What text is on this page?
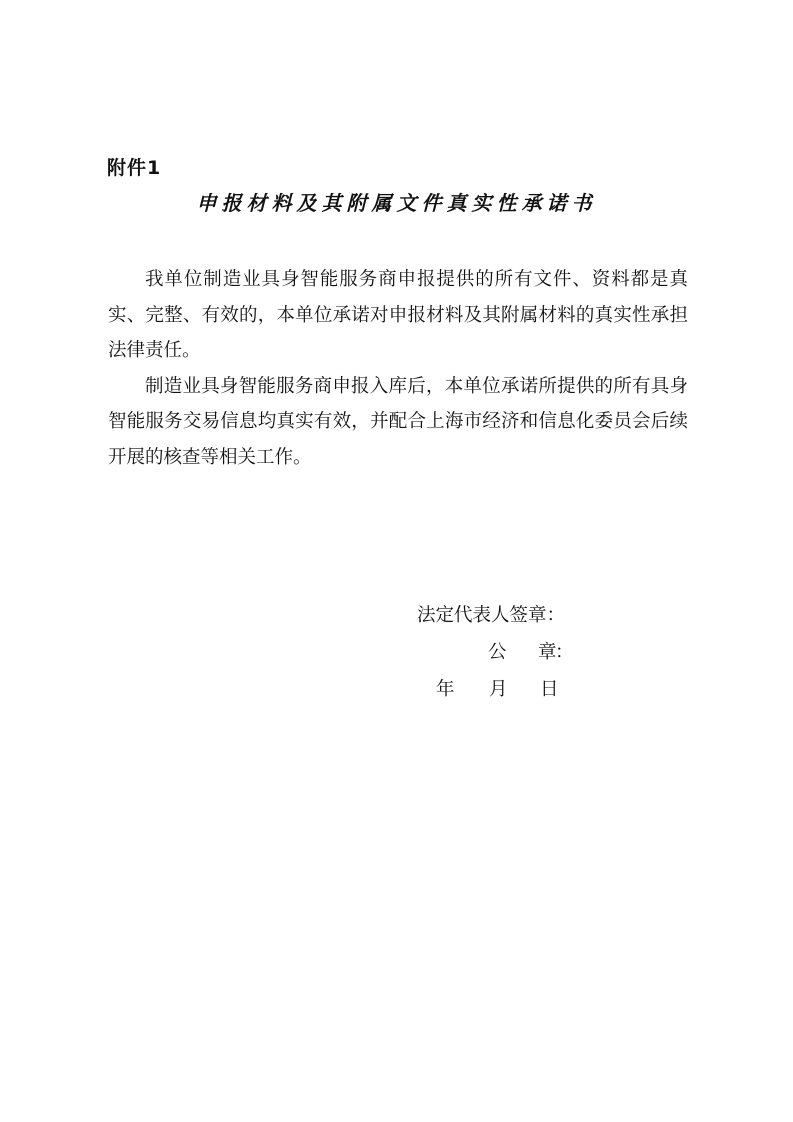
附件1
申报材料及其附属文件真实性承诺书

我单位制造业具身智能服务商申报提供的所有文件、资料都是真实、完整、有效的，本单位承诺对申报材料及其附属材料的真实性承担法律责任。

制造业具身智能服务商申报入库后，本单位承诺所提供的所有具身智能服务交易信息均真实有效，并配合上海市经济和信息化委员会后续开展的核查等相关工作。

法定代表人签章：
公 章
：
年 月 日
